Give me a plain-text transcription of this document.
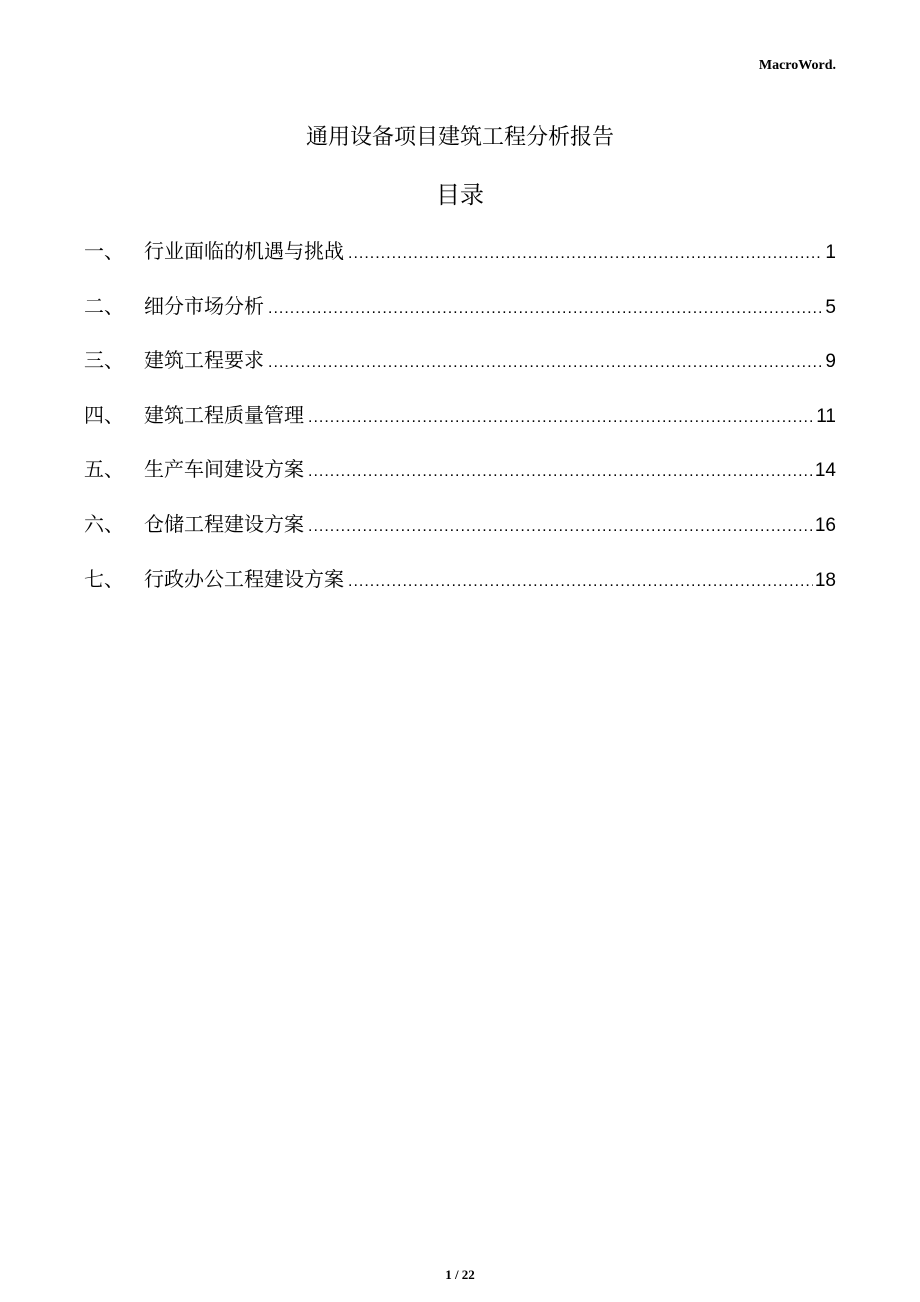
MacroWord.
通用设备项目建筑工程分析报告
目录
一、	行业面临的机遇与挑战 .....	1
二、	细分市场分析 .....	5
三、	建筑工程要求 .....	9
四、	建筑工程质量管理 .....	11
五、	生产车间建设方案 .....	14
六、	仓储工程建设方案 .....	16
七、	行政办公工程建设方案 .....	18
1 / 22
